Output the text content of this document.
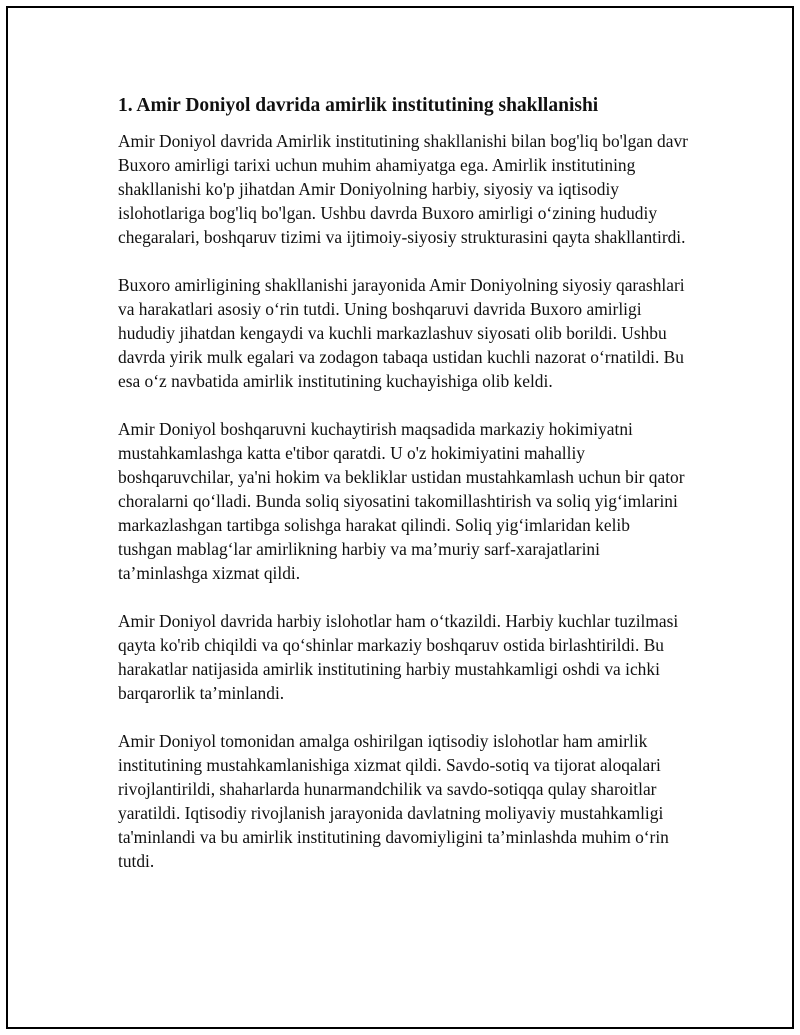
1. Amir Doniyol davrida amirlik institutining shakllanishi

Amir Doniyol davrida Amirlik institutining shakllanishi bilan bog'liq bo'lgan davr Buxoro amirligi tarixi uchun muhim ahamiyatga ega. Amirlik institutining shakllanishi ko'p jihatdan Amir Doniyolning harbiy, siyosiy va iqtisodiy islohotlariga bog'liq bo'lgan. Ushbu davrda Buxoro amirligi o‘zining hududiy chegaralari, boshqaruv tizimi va ijtimoiy-siyosiy strukturasini qayta shakllantirdi.

Buxoro amirligining shakllanishi jarayonida Amir Doniyolning siyosiy qarashlari va harakatlari asosiy o‘rin tutdi. Uning boshqaruvi davrida Buxoro amirligi hududiy jihatdan kengaydi va kuchli markazlashuv siyosati olib borildi. Ushbu davrda yirik mulk egalari va zodagon tabaqa ustidan kuchli nazorat o‘rnatildi. Bu esa o‘z navbatida amirlik institutining kuchayishiga olib keldi.

Amir Doniyol boshqaruvni kuchaytirish maqsadida markaziy hokimiyatni mustahkamlashga katta e'tibor qaratdi. U o'z hokimiyatini mahalliy boshqaruvchilar, ya'ni hokim va bekliklar ustidan mustahkamlash uchun bir qator choralarni qo‘lladi. Bunda soliq siyosatini takomillashtirish va soliq yig‘imlarini markazlashgan tartibga solishga harakat qilindi. Soliq yig‘imlaridan kelib tushgan mablag‘lar amirlikning harbiy va ma’muriy sarf-xarajatlarini ta’minlashga xizmat qildi.

Amir Doniyol davrida harbiy islohotlar ham o‘tkazildi. Harbiy kuchlar tuzilmasi qayta ko'rib chiqildi va qo‘shinlar markaziy boshqaruv ostida birlashtirildi. Bu harakatlar natijasida amirlik institutining harbiy mustahkamligi oshdi va ichki barqarorlik ta’minlandi.

Amir Doniyol tomonidan amalga oshirilgan iqtisodiy islohotlar ham amirlik institutining mustahkamlanishiga xizmat qildi. Savdo-sotiq va tijorat aloqalari rivojlantirildi, shaharlarda hunarmandchilik va savdo-sotiqqa qulay sharoitlar yaratildi. Iqtisodiy rivojlanish jarayonida davlatning moliyaviy mustahkamligi ta'minlandi va bu amirlik institutining davomiyligini ta’minlashda muhim o‘rin tutdi.
